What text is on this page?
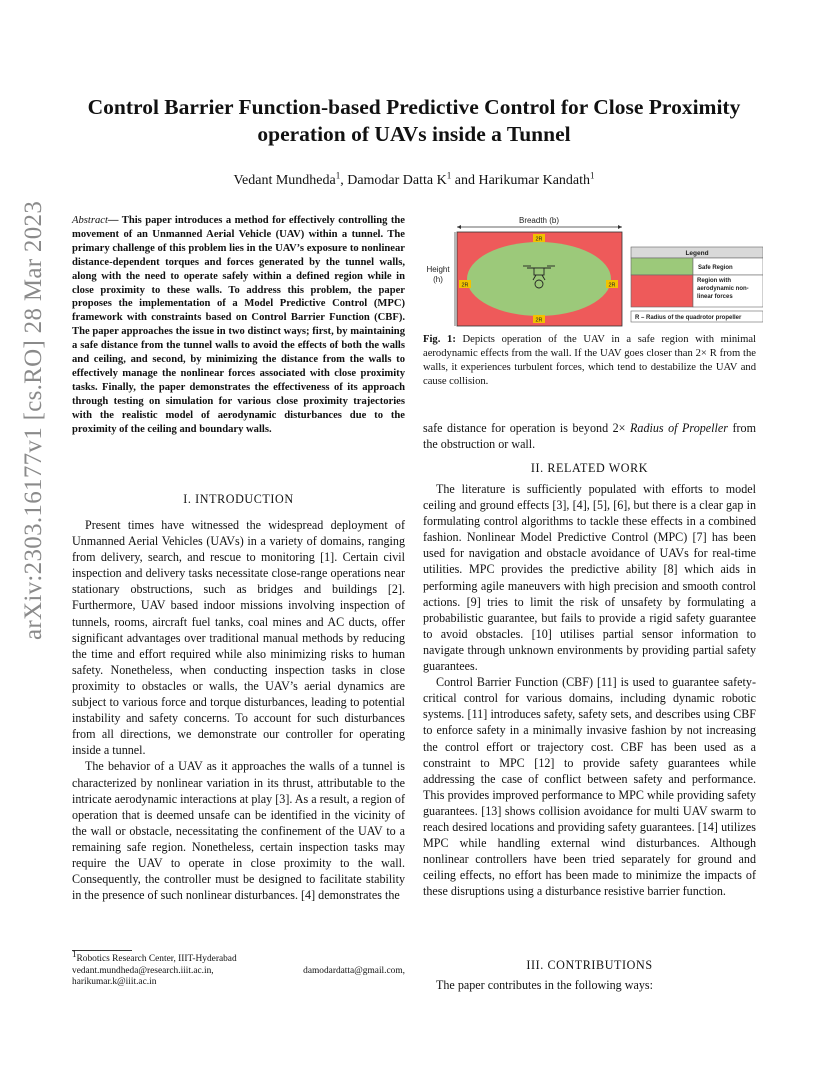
arXiv:2303.16177v1 [cs.RO] 28 Mar 2023
Control Barrier Function-based Predictive Control for Close Proximity operation of UAVs inside a Tunnel

Vedant Mundheda$^1$, Damodar Datta $K^1$ and Harikumar Kandath$^1$

Abstract— This paper introduces a method for effectively controlling the movement of an Unmanned Aerial Vehicle (UAV) within a tunnel. The primary challenge of this problem lies in the UAV’s exposure to nonlinear distance-dependent torques and forces generated by the tunnel walls, along with the need to operate safely within a defined region while in close proximity to these walls. To address this problem, the paper proposes the implementation of a Model Predictive Control (MPC) framework with constraints based on Control Barrier Function (CBF). The paper approaches the issue in two distinct ways; first, by maintaining a safe distance from the tunnel walls to avoid the effects of both the walls and ceiling, and second, by minimizing the distance from the walls to effectively manage the nonlinear forces associated with close proximity tasks. Finally, the paper demonstrates the effectiveness of its approach through testing on simulation for various close proximity trajectories with the realistic model of aerodynamic disturbances due to the proximity of the ceiling and boundary walls.

I. INTRODUCTION

Present times have witnessed the widespread deployment of Unmanned Aerial Vehicles (UAVs) in a variety of domains, ranging from delivery, search, and rescue to monitoring [1]. Certain civil inspection and delivery tasks necessitate close-range operations near stationary obstructions, such as bridges and buildings [2]. Furthermore, UAV based indoor missions involving inspection of tunnels, rooms, aircraft fuel tanks, coal mines and AC ducts, offer significant advantages over traditional manual methods by reducing the time and effort required while also minimizing risks to human safety. Nonetheless, when conducting inspection tasks in close proximity to obstacles or walls, the UAV’s aerial dynamics are subject to various force and torque disturbances, leading to potential instability and safety concerns. To account for such disturbances from all directions, we demonstrate our controller for operating inside a tunnel.

The behavior of a UAV as it approaches the walls of a tunnel is characterized by nonlinear variation in its thrust, attributable to the intricate aerodynamic interactions at play [3]. As a result, a region of operation that is deemed unsafe can be identified in the vicinity of the wall or obstacle, necessitating the confinement of the UAV to a remaining safe region. Nonetheless, certain inspection tasks may require the UAV to operate in close proximity to the wall. Consequently, the controller must be designed to facilitate stability in the presence of such nonlinear disturbances. [4] demonstrates the

$^1$Robotics Research Center, IIIT-Hyderabad
vedant.mundheda@research.iiit.ac.in,	damodardatta@gmail.com,
harikumar.k@iiit.ac.in
Breadth (b)
Height
(h)
2R
2R
2R	2R
Legend
Safe Region
Region with aerodynamic non-linear forces
R – Radius of the quadrotor propeller

Fig. 1: Depicts operation of the UAV in a safe region with minimal aerodynamic effects from the wall. If the UAV goes closer than 2× R from the walls, it experiences turbulent forces, which tend to destabilize the UAV and cause collision.

safe distance for operation is beyond 2× Radius of Propeller from the obstruction or wall.

II. RELATED WORK

The literature is sufficiently populated with efforts to model ceiling and ground effects [3], [4], [5], [6], but there is a clear gap in formulating control algorithms to tackle these effects in a combined fashion. Nonlinear Model Predictive Control (MPC) [7] has been used for navigation and obstacle avoidance of UAVs for real-time utilities. MPC provides the predictive ability [8] which aids in performing agile maneuvers with high precision and smooth control actions. [9] tries to limit the risk of unsafety by formulating a probabilistic guarantee, but fails to provide a rigid safety guarantee to avoid obstacles. [10] utilises partial sensor information to navigate through unknown environments by providing partial safety guarantees.

Control Barrier Function (CBF) [11] is used to guarantee safety-critical control for various domains, including dynamic robotic systems. [11] introduces safety, safety sets, and describes using CBF to enforce safety in a minimally invasive fashion by not increasing the control effort or trajectory cost. CBF has been used as a constraint to MPC [12] to provide safety guarantees while addressing the case of conflict between safety and performance. This provides improved performance to MPC while providing safety guarantees. [13] shows collision avoidance for multi UAV swarm to reach desired locations and providing safety guarantees. [14] utilizes MPC while handling external wind disturbances. Although nonlinear controllers have been tried separately for ground and ceiling effects, no effort has been made to minimize the impacts of these disruptions using a disturbance resistive barrier function.

III. CONTRIBUTIONS

The paper contributes in the following ways:
